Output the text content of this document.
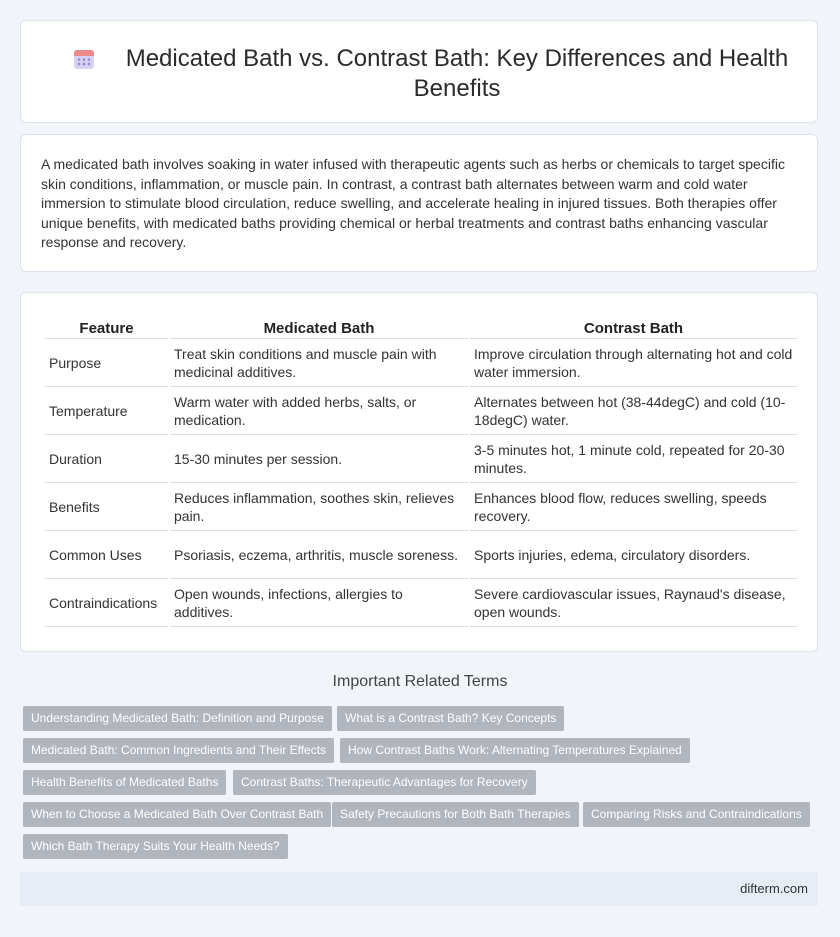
Medicated Bath vs. Contrast Bath: Key Differences and Health Benefits

A medicated bath involves soaking in water infused with therapeutic agents such as herbs or chemicals to target specific skin conditions, inflammation, or muscle pain. In contrast, a contrast bath alternates between warm and cold water immersion to stimulate blood circulation, reduce swelling, and accelerate healing in injured tissues. Both therapies offer unique benefits, with medicated baths providing chemical or herbal treatments and contrast baths enhancing vascular response and recovery.

Feature	Medicated Bath	Contrast Bath
Purpose	Treat skin conditions and muscle pain with medicinal additives.	Improve circulation through alternating hot and cold water immersion.
Temperature	Warm water with added herbs, salts, or medication.	Alternates between hot (38-44degC) and cold (10-18degC) water.
Duration	15-30 minutes per session.	3-5 minutes hot, 1 minute cold, repeated for 20-30 minutes.
Benefits	Reduces inflammation, soothes skin, relieves pain.	Enhances blood flow, reduces swelling, speeds recovery.
Common Uses	Psoriasis, eczema, arthritis, muscle soreness.	Sports injuries, edema, circulatory disorders.
Contraindications	Open wounds, infections, allergies to additives.	Severe cardiovascular issues, Raynaud's disease, open wounds.
Important Related Terms
Understanding Medicated Bath: Definition and Purpose	What is a Contrast Bath? Key Concepts
Medicated Bath: Common Ingredients and Their Effects	How Contrast Baths Work: Alternating Temperatures Explained
Health Benefits of Medicated Baths	Contrast Baths: Therapeutic Advantages for Recovery
When to Choose a Medicated Bath Over Contrast Bath	Safety Precautions for Both Bath Therapies	Comparing Risks and Contraindications
Which Bath Therapy Suits Your Health Needs?
difterm.com
